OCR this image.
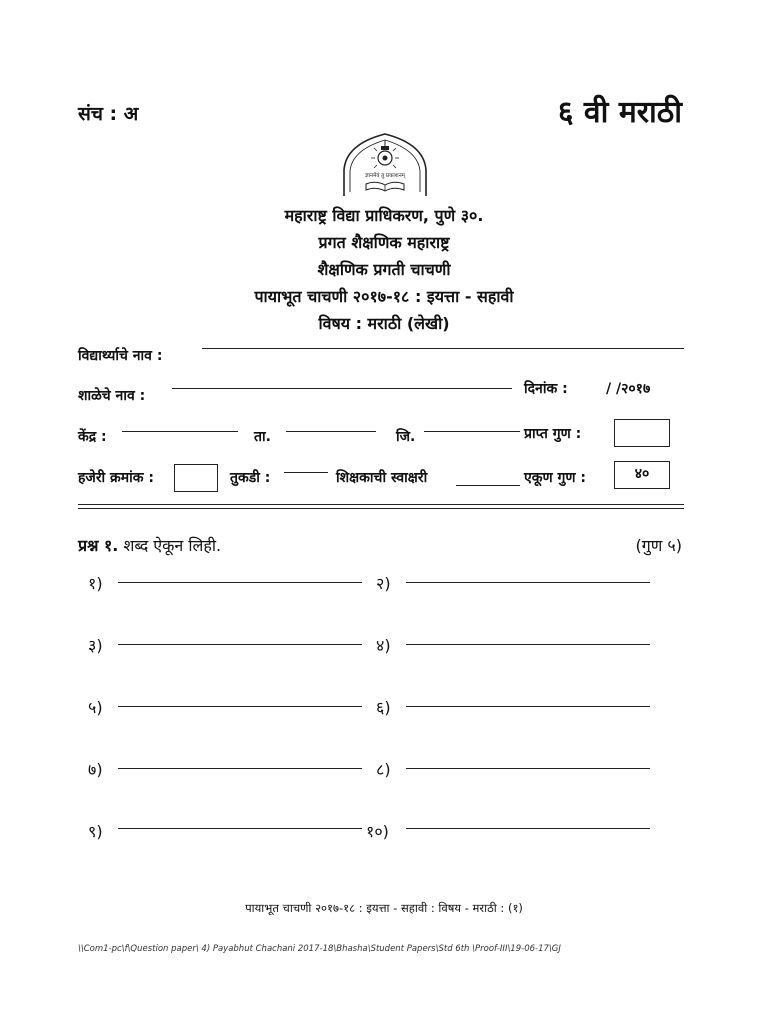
संच : अ	६ वी मराठी
ज्ञानमेवं तु प्रकाशनम्
महाराष्ट्र विद्या प्राधिकरण, पुणे ३०.
प्रगत शैक्षणिक महाराष्ट्र
शैक्षणिक प्रगती चाचणी
पायाभूत चाचणी २०१७-१८ : इयत्ता - सहावी
विषय : मराठी (लेखी)
विद्यार्थ्याचे नाव :
शाळेचे नाव :	दिनांक :	/ /२०१७
केंद्र :	ता.	जि.	प्राप्त गुण :
हजेरी क्रमांक :	तुकडी :	शिक्षकाची स्वाक्षरी	एकूण गुण :	४०
प्रश्न १. शब्द ऐकून लिही.	(गुण ५)
१)	२)
३)	४)
५)	६)
७)	८)
९)	१०)
पायाभूत चाचणी २०१७-१८ : इयत्ता - सहावी : विषय - मराठी : (१)
\\Com1-pc\f\Question paper\ 4) Payabhut Chachani 2017-18\Bhasha\Student Papers\Std 6th \Proof-III\19-06-17\GJ
